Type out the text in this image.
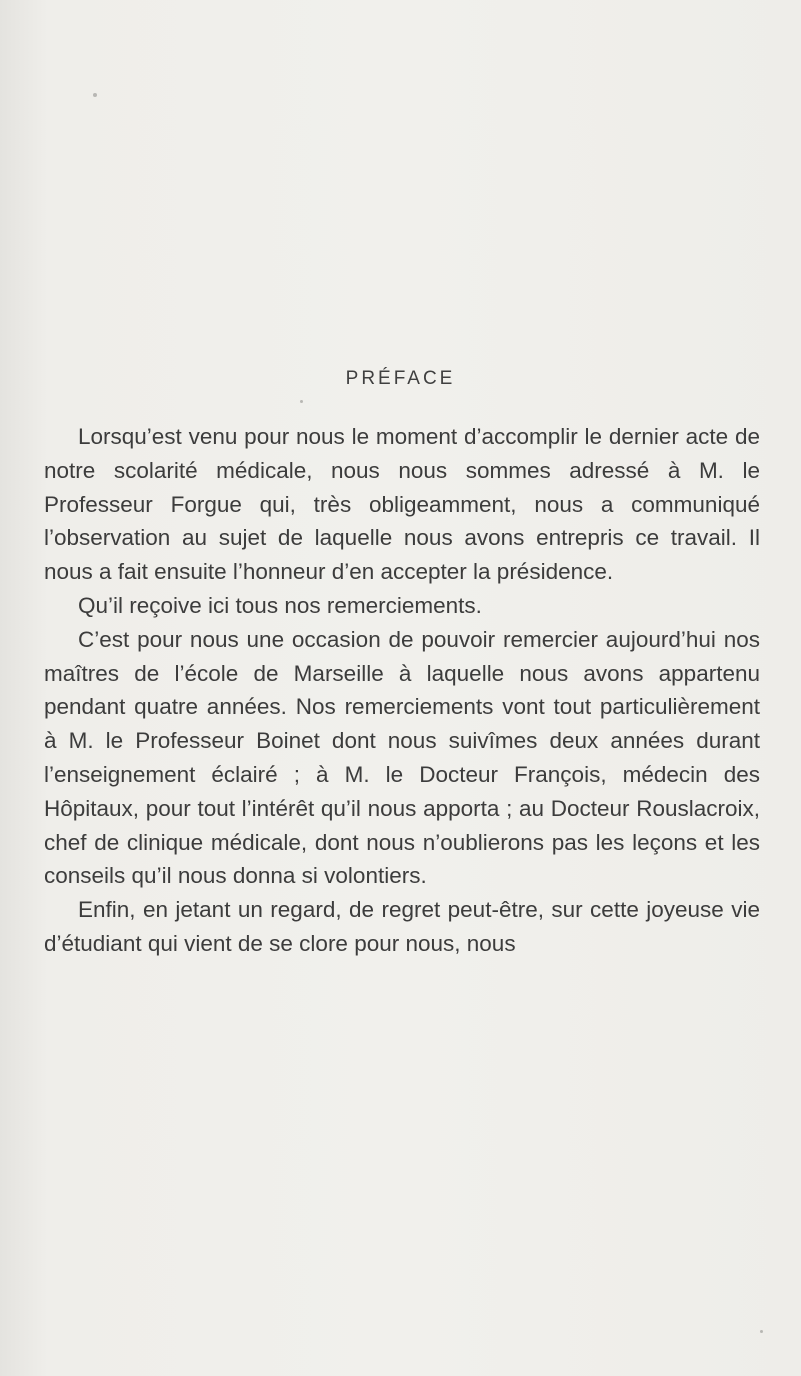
PRÉFACE

Lorsqu’est venu pour nous le moment d’accomplir le dernier acte de notre scolarité médicale, nous nous sommes adressé à M. le Professeur Forgue qui, très obligeamment, nous a communiqué l’observation au sujet de laquelle nous avons entrepris ce travail. Il nous a fait ensuite l’honneur d’en accepter la présidence.

Qu’il reçoive ici tous nos remerciements.

C’est pour nous une occasion de pouvoir remercier aujourd’hui nos maîtres de l’école de Marseille à laquelle nous avons appartenu pendant quatre années. Nos remerciements vont tout particulièrement à M. le Professeur Boinet dont nous suivîmes deux années durant l’enseignement éclairé ; à M. le Docteur François, médecin des Hôpitaux, pour tout l’intérêt qu’il nous apporta ; au Docteur Rouslacroix, chef de clinique médicale, dont nous n’oublierons pas les leçons et les conseils qu’il nous donna si volontiers.

Enfin, en jetant un regard, de regret peut-être, sur cette joyeuse vie d’étudiant qui vient de se clore pour nous, nous
